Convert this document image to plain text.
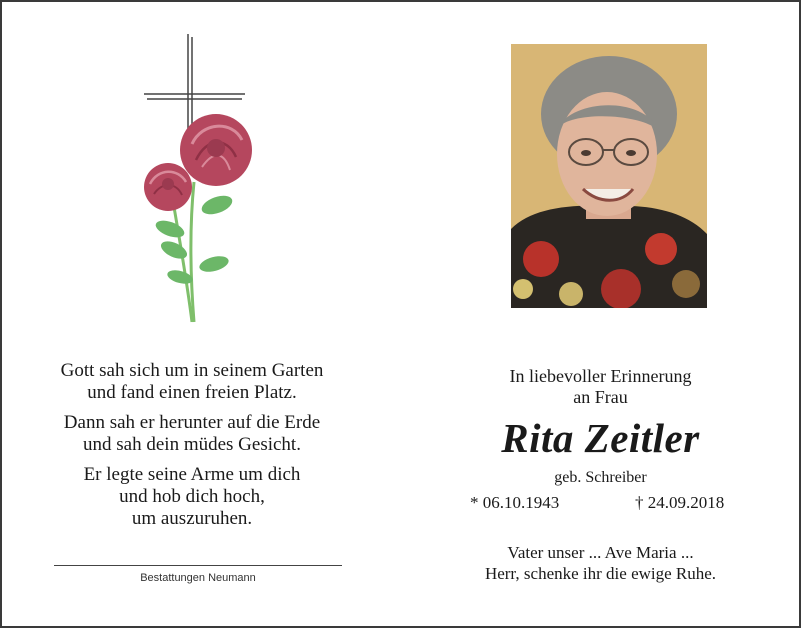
Gott sah sich um in seinem Garten
und fand einen freien Platz.
Dann sah er herunter auf die Erde
und sah dein müdes Gesicht.
Er legte seine Arme um dich
und hob dich hoch,
um auszuruhen.
Bestattungen Neumann
In liebevoller Erinnerung
an Frau
Rita Zeitler
geb. Schreiber
* 06.10.1943	† 24.09.2018
Vater unser ... Ave Maria ...
Herr, schenke ihr die ewige Ruhe.
